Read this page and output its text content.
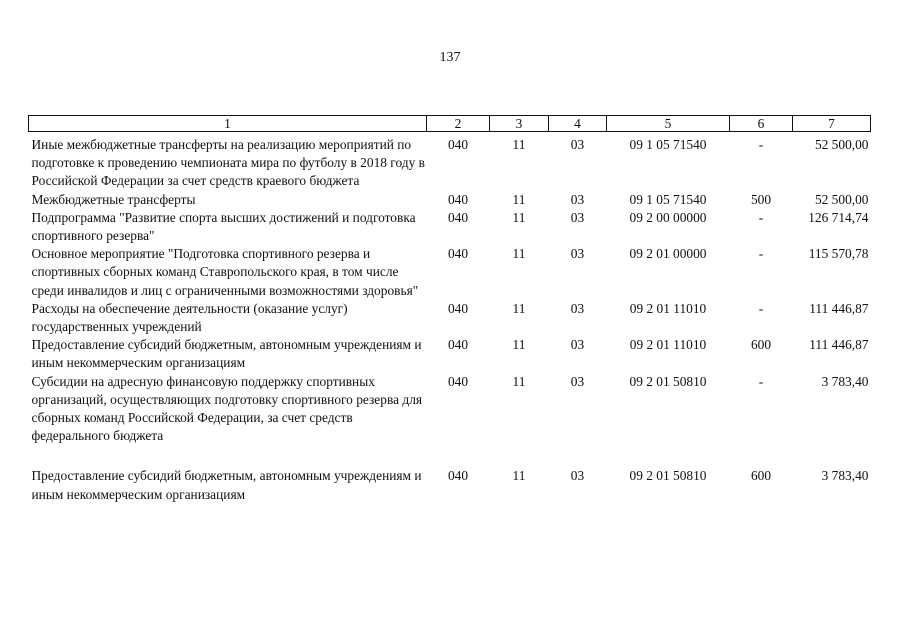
137
1	2	3	4	5	6	7
Иные межбюджетные трансферты на реализацию мероприятий по подготовке к проведению чемпионата мира по футболу в 2018 году в Российской Федерации за счет средств краевого бюджета	040	11	03	09 1 05 71540	-	52 500,00
Межбюджетные трансферты	040	11	03	09 1 05 71540	500	52 500,00
Подпрограмма "Развитие спорта высших достижений и подготовка спортивного резерва"	040	11	03	09 2 00 00000	-	126 714,74
Основное мероприятие "Подготовка спортивного резерва и спортивных сборных команд Ставропольского края, в том числе среди инвалидов и лиц с ограниченными возможностями здоровья"	040	11	03	09 2 01 00000	-	115 570,78
Расходы на обеспечение деятельности (оказание услуг) государственных учреждений	040	11	03	09 2 01 11010	-	111 446,87
Предоставление субсидий бюджетным, автономным учреждениям и иным некоммерческим организациям	040	11	03	09 2 01 11010	600	111 446,87
Субсидии на адресную финансовую поддержку спортивных организаций, осуществляющих подготовку спортивного резерва для сборных команд Российской Федерации, за счет средств федерального бюджета	040	11	03	09 2 01 50810	-	3 783,40
Предоставление субсидий бюджетным, автономным учреждениям и иным некоммерческим организациям	040	11	03	09 2 01 50810	600	3 783,40
